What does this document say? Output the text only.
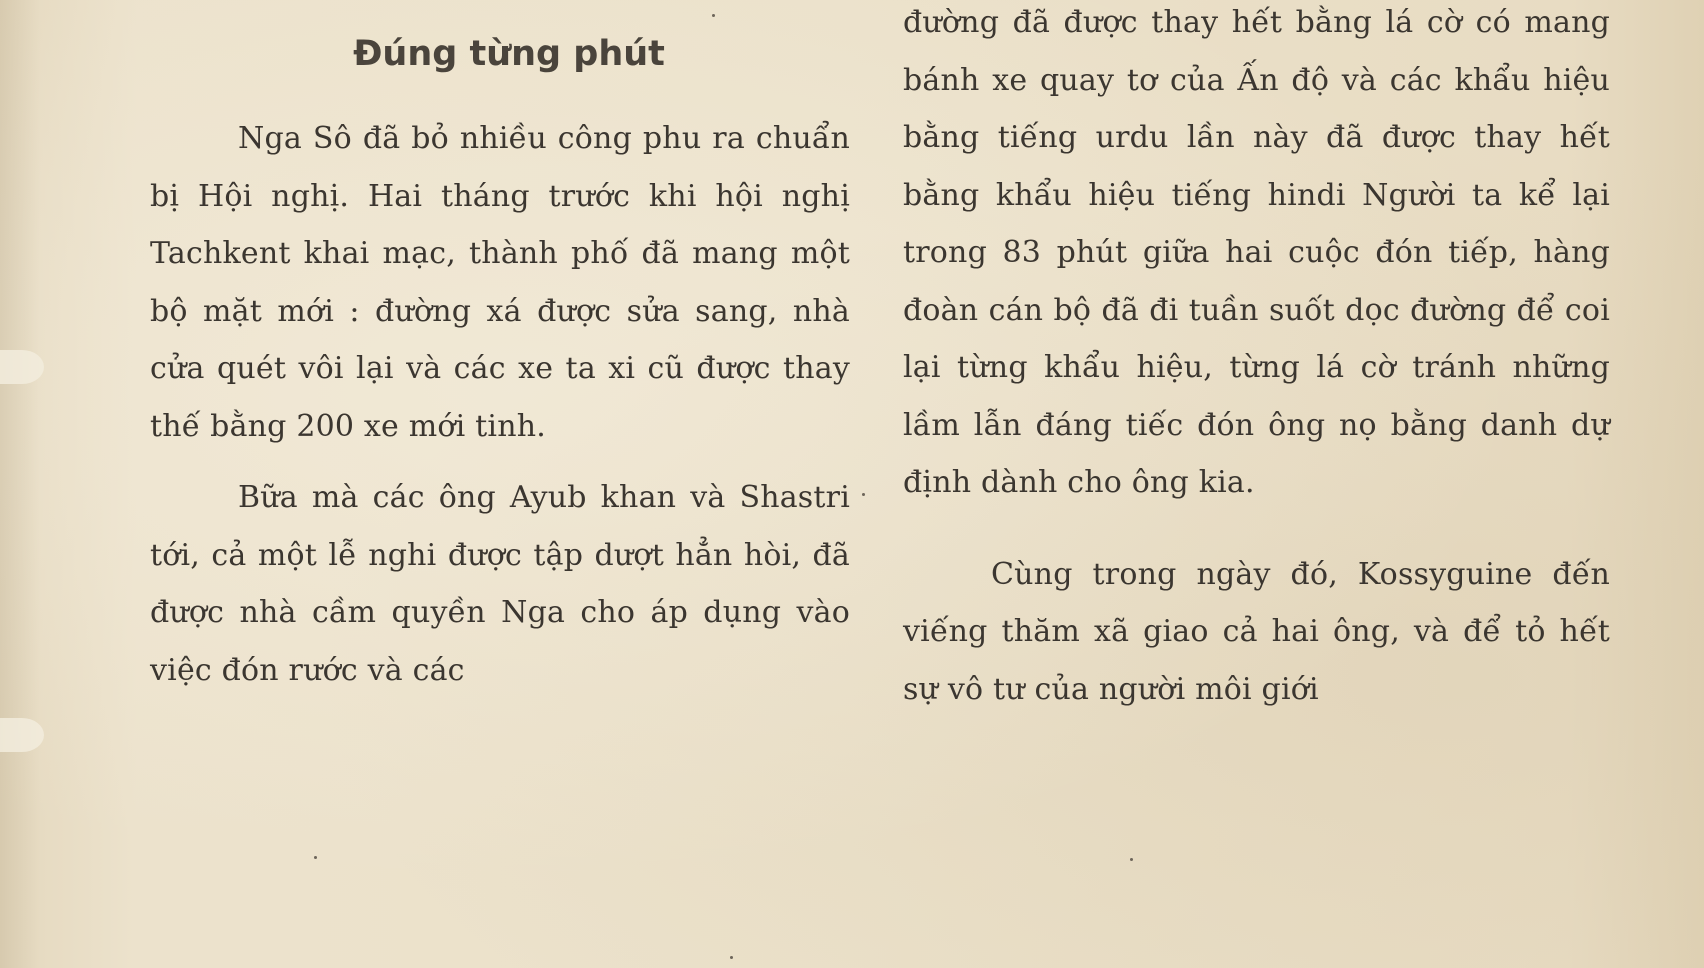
Đúng từng phút

Nga Sô đã bỏ nhiều công phu ra chuẩn bị Hội nghị. Hai tháng trước khi hội nghị Tachkent khai mạc, thành phố đã mang một bộ mặt mới : đường xá được sửa sang, nhà cửa quét vôi lại và các xe ta xi cũ được thay thế bằng 200 xe mới tinh.

Bữa mà các ông Ayub khan và Shastri tới, cả một lễ nghi được tập dượt hẳn hòi, đã được nhà cầm quyền Nga cho áp dụng vào việc đón rước và các

đường đã được thay hết bằng lá cờ có mang bánh xe quay tơ của Ấn độ và các khẩu hiệu bằng tiếng urdu lần này đã được thay hết bằng khẩu hiệu tiếng hindi Người ta kể lại trong 83 phút giữa hai cuộc đón tiếp, hàng đoàn cán bộ đã đi tuần suốt dọc đường để coi lại từng khẩu hiệu, từng lá cờ tránh những lầm lẫn đáng tiếc đón ông nọ bằng danh dự định dành cho ông kia.

Cùng trong ngày đó, Kossyguine đến viếng thăm xã giao cả hai ông, và để tỏ hết sự vô tư của người môi giới
